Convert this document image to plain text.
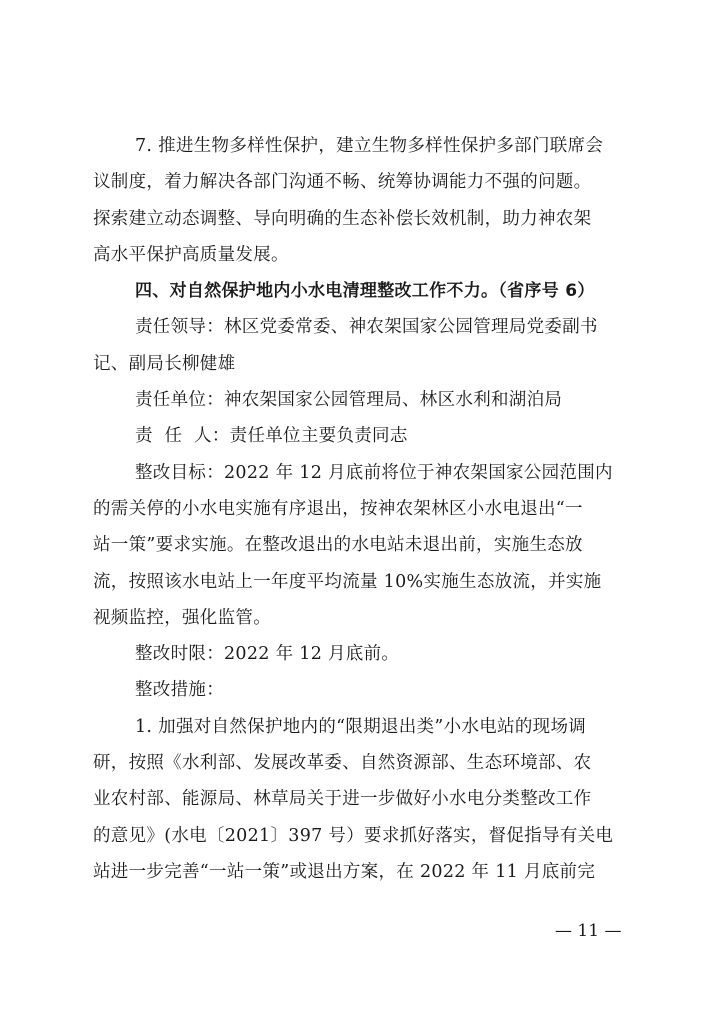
7. 推进生物多样性保护，建立生物多样性保护多部门联席会
议制度，着力解决各部门沟通不畅、统筹协调能力不强的问题。
探索建立动态调整、导向明确的生态补偿长效机制，助力神农架
高水平保护高质量发展。
四、对自然保护地内小水电清理整改工作不力。（省序号 6）
责任领导：林区党委常委、神农架国家公园管理局党委副书
记、副局长柳健雄
责任单位：神农架国家公园管理局、林区水利和湖泊局
责  任  人：责任单位主要负责同志
整改目标：2022 年 12 月底前将位于神农架国家公园范围内
的需关停的小水电实施有序退出，按神农架林区小水电退出“一
站一策”要求实施。在整改退出的水电站未退出前，实施生态放
流，按照该水电站上一年度平均流量 10%实施生态放流，并实施
视频监控，强化监管。
整改时限：2022 年 12 月底前。
整改措施：
1. 加强对自然保护地内的“限期退出类”小水电站的现场调
研，按照《水利部、发展改革委、自然资源部、生态环境部、农
业农村部、能源局、林草局关于进一步做好小水电分类整改工作
的意见》(水电〔2021〕397 号）要求抓好落实，督促指导有关电
站进一步完善“一站一策”或退出方案，在 2022 年 11 月底前完
— 11 —
